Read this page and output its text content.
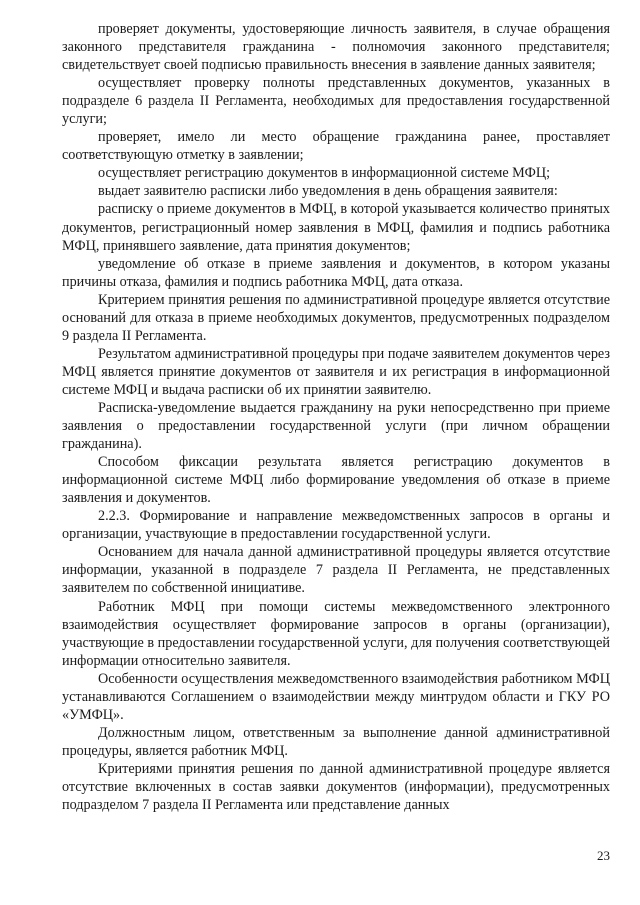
проверяет документы, удостоверяющие личность заявителя, в случае обращения законного представителя гражданина - полномочия законного представителя; свидетельствует своей подписью правильность внесения в заявление данных заявителя;

осуществляет проверку полноты представленных документов, указанных в подразделе 6 раздела II Регламента, необходимых для предоставления государственной услуги;

проверяет, имело ли место обращение гражданина ранее, проставляет соответствующую отметку в заявлении;

осуществляет регистрацию документов в информационной системе МФЦ;

выдает заявителю расписки либо уведомления в день обращения заявителя:

расписку о приеме документов в МФЦ, в которой указывается количество принятых документов, регистрационный номер заявления в МФЦ, фамилия и подпись работника МФЦ, принявшего заявление, дата принятия документов;

уведомление об отказе в приеме заявления и документов, в котором указаны причины отказа, фамилия и подпись работника МФЦ, дата отказа.

Критерием принятия решения по административной процедуре является отсутствие оснований для отказа в приеме необходимых документов, предусмотренных подразделом 9 раздела II Регламента.

Результатом административной процедуры при подаче заявителем документов через МФЦ является принятие документов от заявителя и их регистрация в информационной системе МФЦ и выдача расписки об их принятии заявителю.

Расписка-уведомление выдается гражданину на руки непосредственно при приеме заявления о предоставлении государственной услуги (при личном обращении гражданина).

Способом фиксации результата является регистрацию документов в информационной системе МФЦ либо формирование уведомления об отказе в приеме заявления и документов.

2.2.3. Формирование и направление межведомственных запросов в органы и организации, участвующие в предоставлении государственной услуги.

Основанием для начала данной административной процедуры является отсутствие информации, указанной в подразделе 7 раздела II Регламента, не представленных заявителем по собственной инициативе.

Работник МФЦ при помощи системы межведомственного электронного взаимодействия осуществляет формирование запросов в органы (организации), участвующие в предоставлении государственной услуги, для получения соответствующей информации относительно заявителя.

Особенности осуществления межведомственного взаимодействия работником МФЦ устанавливаются Соглашением о взаимодействии между минтрудом области и ГКУ РО «УМФЦ».

Должностным лицом, ответственным за выполнение данной административной процедуры, является работник МФЦ.

Критериями принятия решения по данной административной процедуре является отсутствие включенных в состав заявки документов (информации), предусмотренных подразделом 7 раздела II Регламента или представление данных

23
